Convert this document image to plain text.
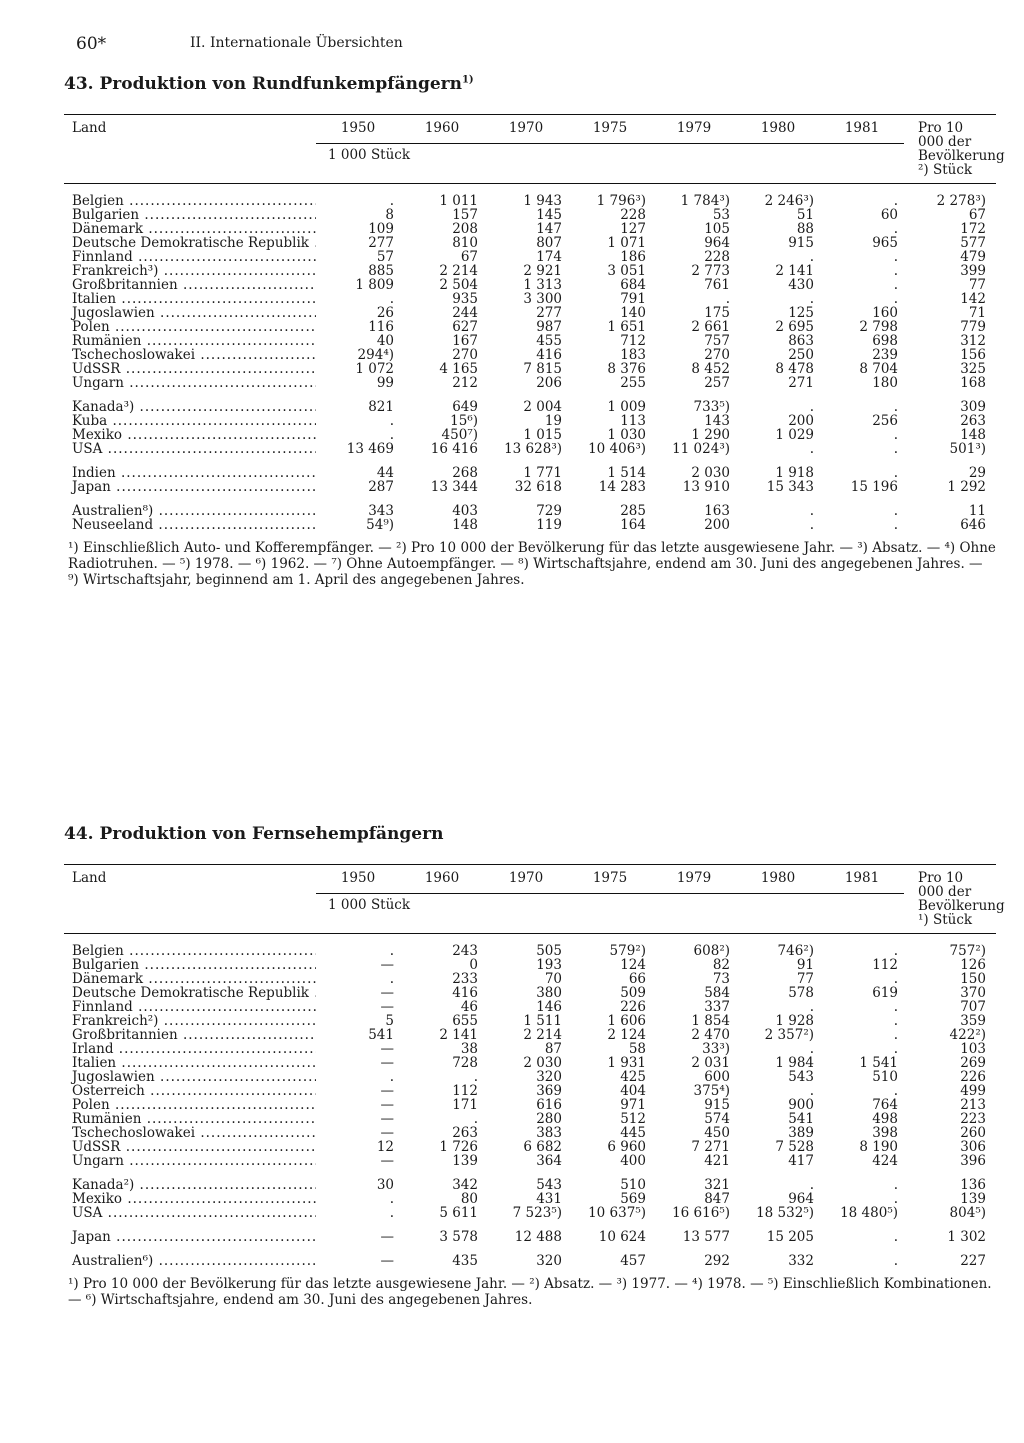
60*	II. Internationale Übersichten
43. Produktion von Rundfunkempfängern$^{1)}$
Land	1950	1960	1970	1975	1979	1980	1981	Pro 10 000 der Bevölkerung ²) Stück
	1 000 Stück							

Belgien .....	.	1 011	1 943	1 796³)	1 784³)	2 246³)	.	2 278³)
Bulgarien .....	8	157	145	228	53	51	60	67
Dänemark .....	109	208	147	127	105	88	.	172
Deutsche Demokratische Republik .....	277	810	807	1 071	964	915	965	577
Finnland .....	57	67	174	186	228	.	.	479
Frankreich³) .....	885	2 214	2 921	3 051	2 773	2 141	.	399
Großbritannien .....	1 809	2 504	1 313	684	761	430	.	77
Italien .....	.	935	3 300	791	.	.	.	142
Jugoslawien .....	26	244	277	140	175	125	160	71
Polen .....	116	627	987	1 651	2 661	2 695	2 798	779
Rumänien .....	40	167	455	712	757	863	698	312
Tschechoslowakei .....	294⁴)	270	416	183	270	250	239	156
UdSSR .....	1 072	4 165	7 815	8 376	8 452	8 478	8 704	325
Ungarn .....	99	212	206	255	257	271	180	168

Kanada³) .....	821	649	2 004	1 009	733⁵)	.	.	309
Kuba .....	.	15⁶)	19	113	143	200	256	263
Mexiko .....	.	450⁷)	1 015	1 030	1 290	1 029	.	148
USA .....	13 469	16 416	13 628³)	10 406³)	11 024³)	.	.	501³)

Indien .....	44	268	1 771	1 514	2 030	1 918	.	29
Japan .....	287	13 344	32 618	14 283	13 910	15 343	15 196	1 292

Australien⁸) .....	343	403	729	285	163	.	.	11
Neuseeland .....	54⁹)	148	119	164	200	.	.	646
¹) Einschließlich Auto- und Kofferempfänger. — ²) Pro 10 000 der Bevölkerung für das letzte ausgewiesene Jahr. — ³) Absatz. — ⁴) Ohne Radiotruhen. — ⁵) 1978. — ⁶) 1962. — ⁷) Ohne Autoempfänger. — ⁸) Wirtschaftsjahre, endend am 30. Juni des angegebenen Jahres. — ⁹) Wirtschaftsjahr, beginnend am 1. April des angegebenen Jahres.
44. Produktion von Fernsehempfängern
Land	1950	1960	1970	1975	1979	1980	1981	Pro 10 000 der Bevölkerung ¹) Stück
	1 000 Stück							

Belgien .....	.	243	505	579²)	608²)	746²)	.	757²)
Bulgarien .....	—	0	193	124	82	91	112	126
Dänemark .....	.	233	70	66	73	77	.	150
Deutsche Demokratische Republik .....	—	416	380	509	584	578	619	370
Finnland .....	—	46	146	226	337	.	.	707
Frankreich²) .....	5	655	1 511	1 606	1 854	1 928	.	359
Großbritannien .....	541	2 141	2 214	2 124	2 470	2 357²)	.	422²)
Irland .....	—	38	87	58	33³)	.	.	103
Italien .....	—	728	2 030	1 931	2 031	1 984	1 541	269
Jugoslawien .....	.	.	320	425	600	543	510	226
Österreich .....	—	112	369	404	375⁴)	.	.	499
Polen .....	—	171	616	971	915	900	764	213
Rumänien .....	—	.	280	512	574	541	498	223
Tschechoslowakei .....	—	263	383	445	450	389	398	260
UdSSR .....	12	1 726	6 682	6 960	7 271	7 528	8 190	306
Ungarn .....	—	139	364	400	421	417	424	396

Kanada²) .....	30	342	543	510	321	.	.	136
Mexiko .....	.	80	431	569	847	964	.	139
USA .....	.	5 611	7 523⁵)	10 637⁵)	16 616⁵)	18 532⁵)	18 480⁵)	804⁵)

Japan .....	—	3 578	12 488	10 624	13 577	15 205	.	1 302

Australien⁶) .....	—	435	320	457	292	332	.	227
¹) Pro 10 000 der Bevölkerung für das letzte ausgewiesene Jahr. — ²) Absatz. — ³) 1977. — ⁴) 1978. — ⁵) Einschließlich Kombinationen. — ⁶) Wirtschaftsjahre, endend am 30. Juni des angegebenen Jahres.
